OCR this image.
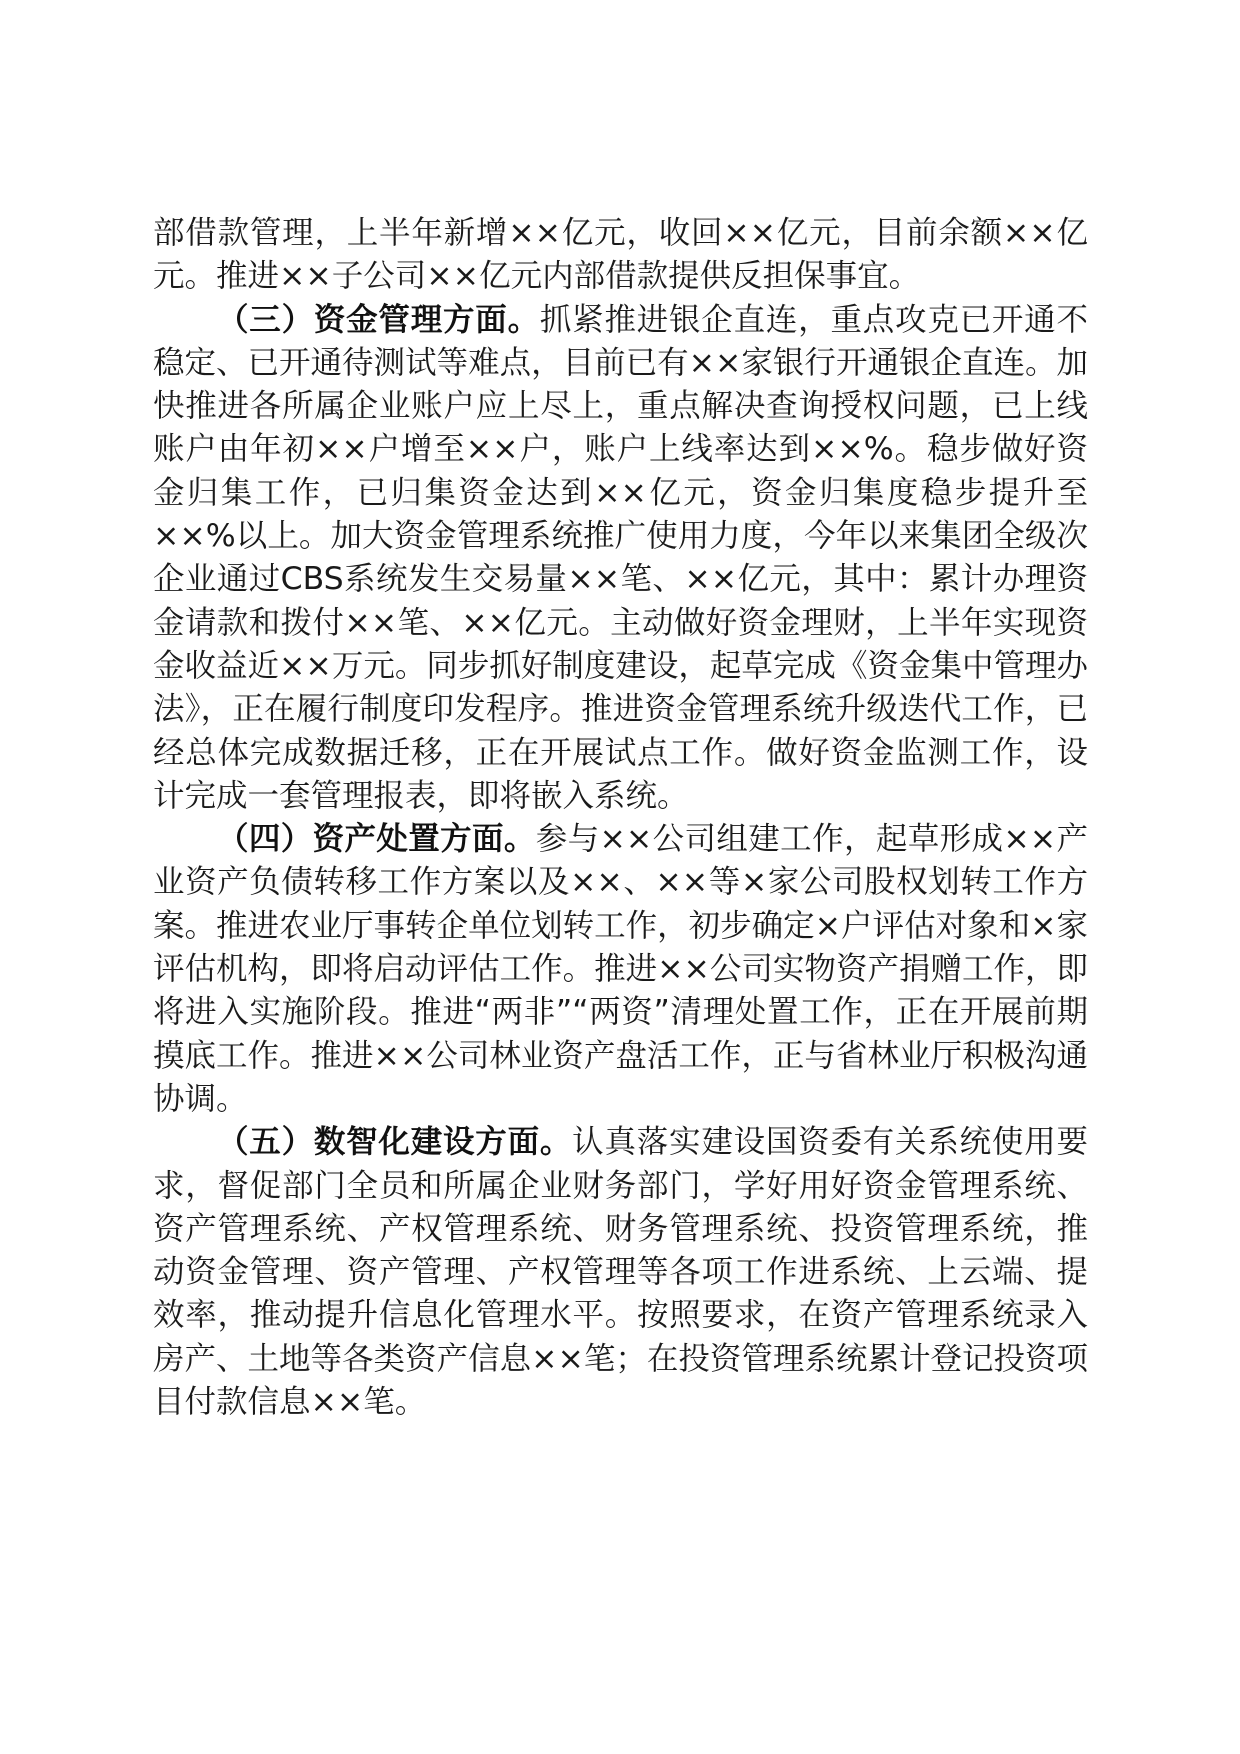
部借款管理，上半年新增××亿元，收回××亿元，目前余额××亿元。推进××子公司××亿元内部借款提供反担保事宜。

（三）资金管理方面。抓紧推进银企直连，重点攻克已开通不稳定、已开通待测试等难点，目前已有××家银行开通银企直连。加快推进各所属企业账户应上尽上，重点解决查询授权问题，已上线账户由年初××户增至××户，账户上线率达到××%。稳步做好资金归集工作，已归集资金达到××亿元，资金归集度稳步提升至××%以上。加大资金管理系统推广使用力度，今年以来集团全级次企业通过CBS系统发生交易量××笔、××亿元，其中：累计办理资金请款和拨付××笔、××亿元。主动做好资金理财，上半年实现资金收益近××万元。同步抓好制度建设，起草完成《资金集中管理办法》，正在履行制度印发程序。推进资金管理系统升级迭代工作，已经总体完成数据迁移，正在开展试点工作。做好资金监测工作，设计完成一套管理报表，即将嵌入系统。

（四）资产处置方面。参与××公司组建工作，起草形成××产业资产负债转移工作方案以及××、××等×家公司股权划转工作方案。推进农业厅事转企单位划转工作，初步确定×户评估对象和×家评估机构，即将启动评估工作。推进××公司实物资产捐赠工作，即将进入实施阶段。推进“两非”“两资”清理处置工作，正在开展前期摸底工作。推进××公司林业资产盘活工作，正与省林业厅积极沟通协调。

（五）数智化建设方面。认真落实建设国资委有关系统使用要求，督促部门全员和所属企业财务部门，学好用好资金管理系统、资产管理系统、产权管理系统、财务管理系统、投资管理系统，推动资金管理、资产管理、产权管理等各项工作进系统、上云端、提效率，推动提升信息化管理水平。按照要求，在资产管理系统录入房产、土地等各类资产信息××笔；在投资管理系统累计登记投资项目付款信息××笔。
